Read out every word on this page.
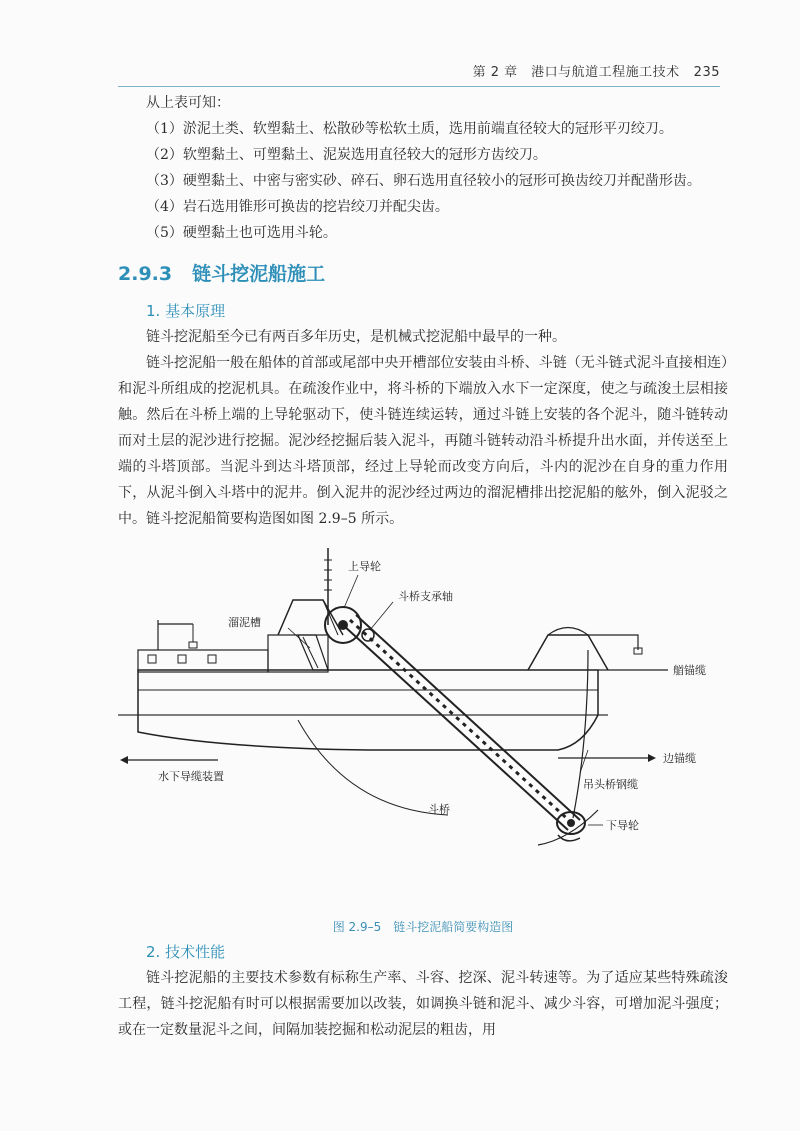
第 2 章　港口与航道工程施工技术 235

从上表可知：

（1）淤泥土类、软塑黏土、松散砂等松软土质，选用前端直径较大的冠形平刃绞刀。

（2）软塑黏土、可塑黏土、泥炭选用直径较大的冠形方齿绞刀。

（3）硬塑黏土、中密与密实砂、碎石、卵石选用直径较小的冠形可换齿绞刀并配凿形齿。

（4）岩石选用锥形可换齿的挖岩绞刀并配尖齿。

（5）硬塑黏土也可选用斗轮。

2.9.3 链斗挖泥船施工
1. 基本原理

链斗挖泥船至今已有两百多年历史，是机械式挖泥船中最早的一种。

链斗挖泥船一般在船体的首部或尾部中央开槽部位安装由斗桥、斗链（无斗链式泥斗直接相连）和泥斗所组成的挖泥机具。在疏浚作业中，将斗桥的下端放入水下一定深度，使之与疏浚土层相接触。然后在斗桥上端的上导轮驱动下，使斗链连续运转，通过斗链上安装的各个泥斗，随斗链转动而对土层的泥沙进行挖掘。泥沙经挖掘后装入泥斗，再随斗链转动沿斗桥提升出水面，并传送至上端的斗塔顶部。当泥斗到达斗塔顶部，经过上导轮而改变方向后，斗内的泥沙在自身的重力作用下，从泥斗倒入斗塔中的泥井。倒入泥井的泥沙经过两边的溜泥槽排出挖泥船的舷外，倒入泥驳之中。链斗挖泥船简要构造图如图 2.9–5 所示。

上导轮
斗桥支承轴
溜泥槽
艏锚缆
边锚缆
水下导缆装置
吊头桥钢缆
斗桥
下导轮
图 2.9–5 链斗挖泥船简要构造图
2. 技术性能

链斗挖泥船的主要技术参数有标称生产率、斗容、挖深、泥斗转速等。为了适应某些特殊疏浚工程，链斗挖泥船有时可以根据需要加以改装，如调换斗链和泥斗、减少斗容，可增加泥斗强度；或在一定数量泥斗之间，间隔加装挖掘和松动泥层的粗齿，用
